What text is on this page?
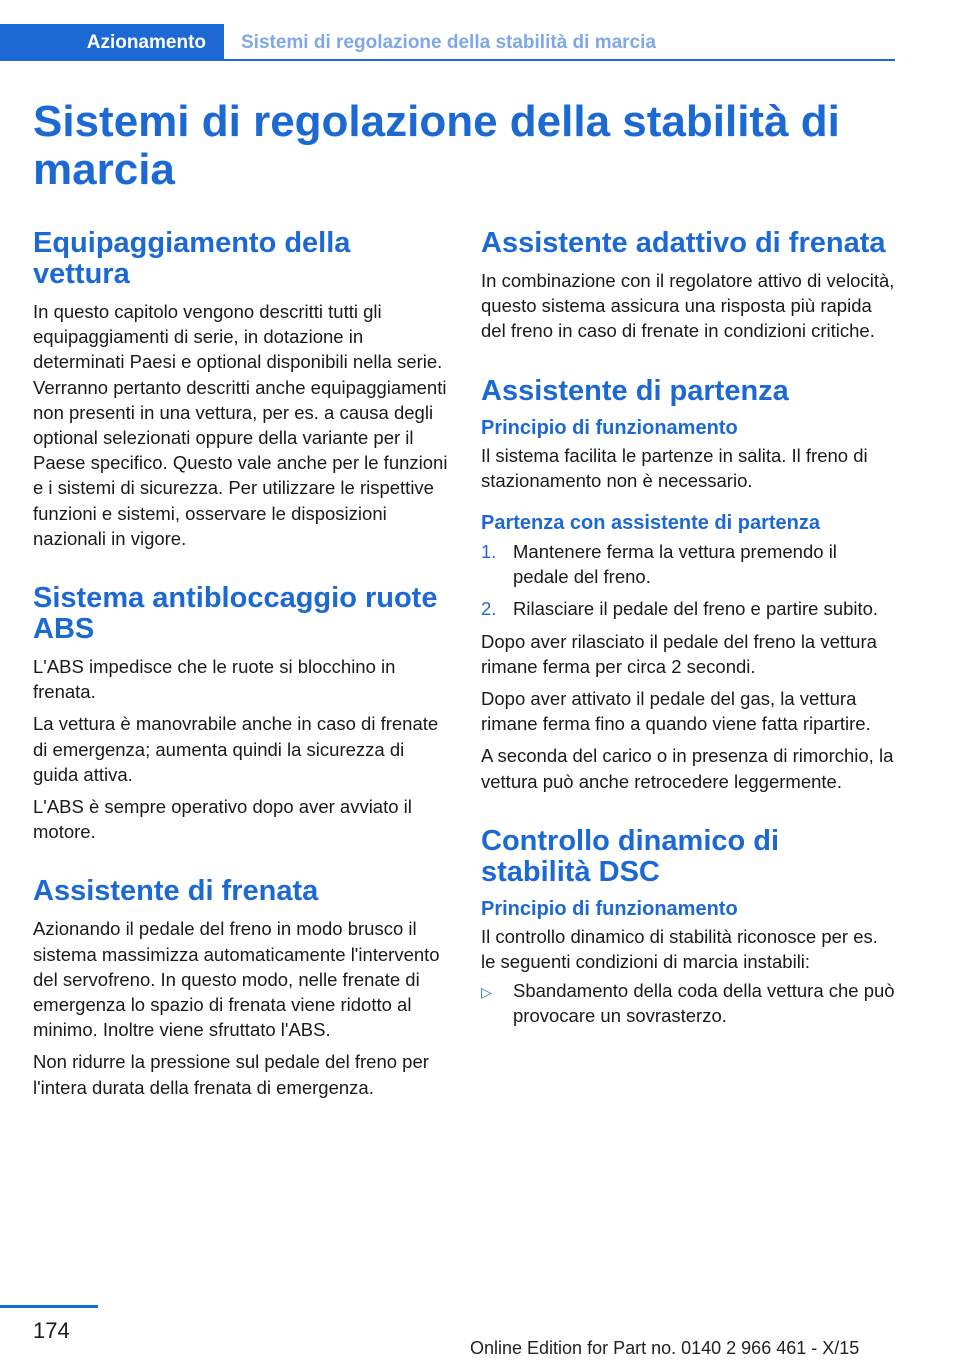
Azionamento	Sistemi di regolazione della stabilità di marcia
Sistemi di regolazione della stabilità di marcia
Equipaggiamento della vettura

In questo capitolo vengono descritti tutti gli equipaggiamenti di serie, in dotazione in determinati Paesi e optional disponibili nella serie. Verranno pertanto descritti anche equipaggiamenti non presenti in una vettura, per es. a causa degli optional selezionati oppure della variante per il Paese specifico. Questo vale anche per le funzioni e i sistemi di sicurezza. Per utilizzare le rispettive funzioni e sistemi, osservare le disposizioni nazionali in vigore.

Sistema antibloccaggio ruote ABS

L'ABS impedisce che le ruote si blocchino in frenata.

La vettura è manovrabile anche in caso di frenate di emergenza; aumenta quindi la sicurezza di guida attiva.

L'ABS è sempre operativo dopo aver avviato il motore.

Assistente di frenata

Azionando il pedale del freno in modo brusco il sistema massimizza automaticamente l'intervento del servofreno. In questo modo, nelle frenate di emergenza lo spazio di frenata viene ridotto al minimo. Inoltre viene sfruttato l'ABS.

Non ridurre la pressione sul pedale del freno per l'intera durata della frenata di emergenza.

Assistente adattivo di frenata

In combinazione con il regolatore attivo di velocità, questo sistema assicura una risposta più rapida del freno in caso di frenate in condizioni critiche.

Assistente di partenza
Principio di funzionamento

Il sistema facilita le partenze in salita. Il freno di stazionamento non è necessario.

Partenza con assistente di partenza
1. Mantenere ferma la vettura premendo il pedale del freno.
2. Rilasciare il pedale del freno e partire subito.

Dopo aver rilasciato il pedale del freno la vettura rimane ferma per circa 2 secondi.

Dopo aver attivato il pedale del gas, la vettura rimane ferma fino a quando viene fatta ripartire.

A seconda del carico o in presenza di rimorchio, la vettura può anche retrocedere leggermente.

Controllo dinamico di stabilità DSC
Principio di funzionamento

Il controllo dinamico di stabilità riconosce per es. le seguenti condizioni di marcia instabili:

▷ Sbandamento della coda della vettura che può provocare un sovrasterzo.
174
Online Edition for Part no. 0140 2 966 461 - X/15
